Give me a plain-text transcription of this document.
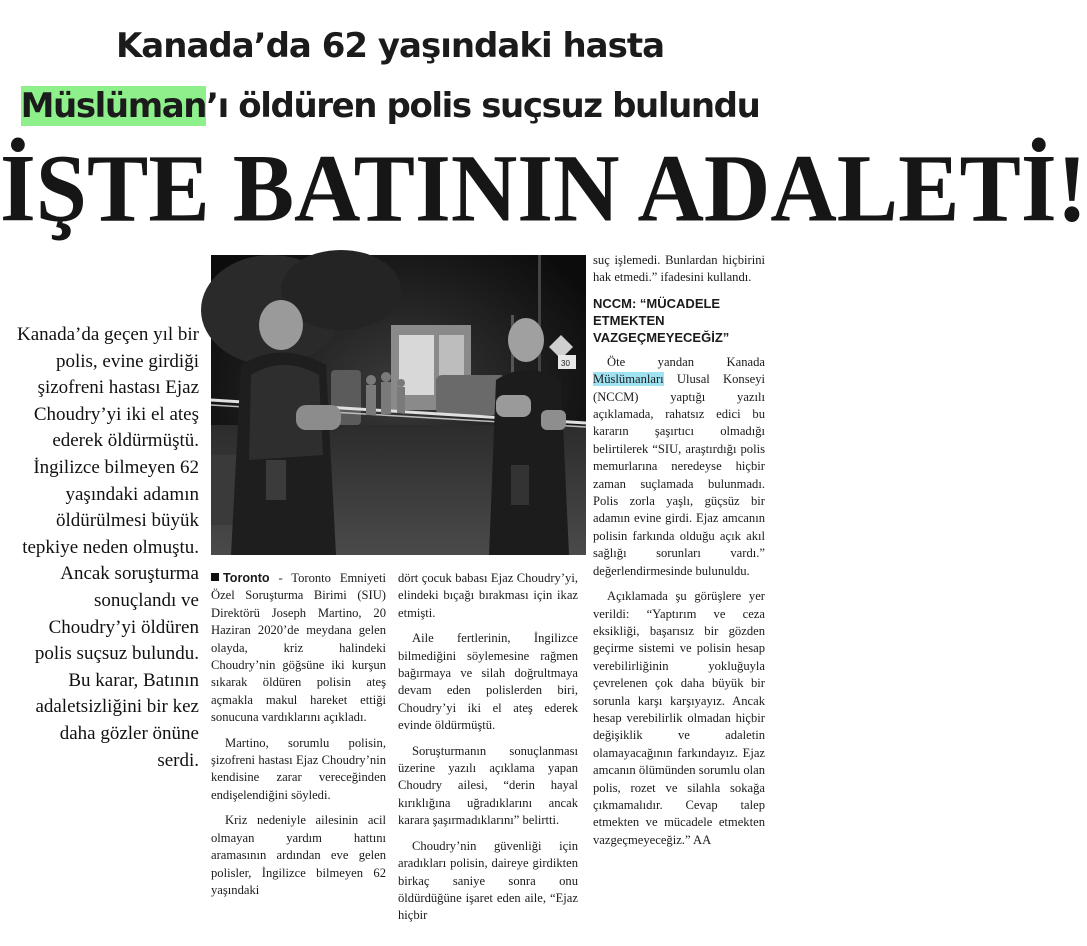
Kanada’da 62 yaşındaki hasta
Müslüman’ı öldüren polis suçsuz bulundu
İŞTE BATININ ADALETİ!
30
Kanada’da geçen yıl bir polis, evine girdiği şizofreni hastası Ejaz Choudry’yi iki el ateş ederek öldürmüştü. İngilizce bilmeyen 62 yaşındaki adamın öldürülmesi büyük tepkiye neden olmuştu. Ancak soruşturma sonuçlandı ve Choudry’yi öldüren polis suçsuz bulundu. Bu karar, Batının adaletsizliğini bir kez daha gözler önüne serdi.

Toronto - Toronto Emniyeti Özel Soruşturma Birimi (SIU) Direktörü Joseph Martino, 20 Haziran 2020’de meydana gelen olayda, kriz halindeki Choudry’nin göğsüne iki kurşun sıkarak öldüren polisin ateş açmakla makul hareket ettiği sonucuna vardıklarını açıkladı.

Martino, sorumlu polisin, şizofreni hastası Ejaz Choudry’nin kendisine zarar vereceğinden endişelendiğini söyledi.

Kriz nedeniyle ailesinin acil olmayan yardım hattını aramasının ardından eve gelen polisler, İngilizce bilmeyen 62 yaşındaki

dört çocuk babası Ejaz Choudry’yi, elindeki bıçağı bırakması için ikaz etmişti.

Aile fertlerinin, İngilizce bilmediğini söylemesine rağmen bağırmaya ve silah doğrultmaya devam eden polislerden biri, Choudry’yi iki el ateş ederek evinde öldürmüştü.

Soruşturmanın sonuçlanması üzerine yazılı açıklama yapan Choudry ailesi, “derin hayal kırıklığına uğradıklarını ancak karara şaşırmadıklarını” belirtti.

Choudry’nin güvenliği için aradıkları polisin, daireye girdikten birkaç saniye sonra onu öldürdüğüne işaret eden aile, “Ejaz hiçbir

suç işlemedi. Bunlardan hiçbirini hak etmedi.” ifadesini kullandı.

NCCM: “MÜCADELE ETMEKTEN VAZGEÇMEYECEĞİZ”

Öte yandan Kanada Müslümanları Ulusal Konseyi (NCCM) yaptığı yazılı açıklamada, rahatsız edici bu kararın şaşırtıcı olmadığı belirtilerek “SIU, araştırdığı polis memurlarına neredeyse hiçbir zaman suçlamada bulunmadı. Polis zorla yaşlı, güçsüz bir adamın evine girdi. Ejaz amcanın polisin farkında olduğu açık akıl sağlığı sorunları vardı.” değerlendirmesinde bulunuldu.

Açıklamada şu görüşlere yer verildi: “Yaptırım ve ceza eksikliği, başarısız bir gözden geçirme sistemi ve polisin hesap verebilirliğinin yokluğuyla çevrelenen çok daha büyük bir sorunla karşı karşıyayız. Ancak hesap verebilirlik olmadan hiçbir değişiklik ve adaletin olamayacağının farkındayız. Ejaz amcanın ölümünden sorumlu olan polis, rozet ve silahla sokağa çıkmamalıdır. Cevap talep etmekten ve mücadele etmekten vazgeçmeyeceğiz.” AA
